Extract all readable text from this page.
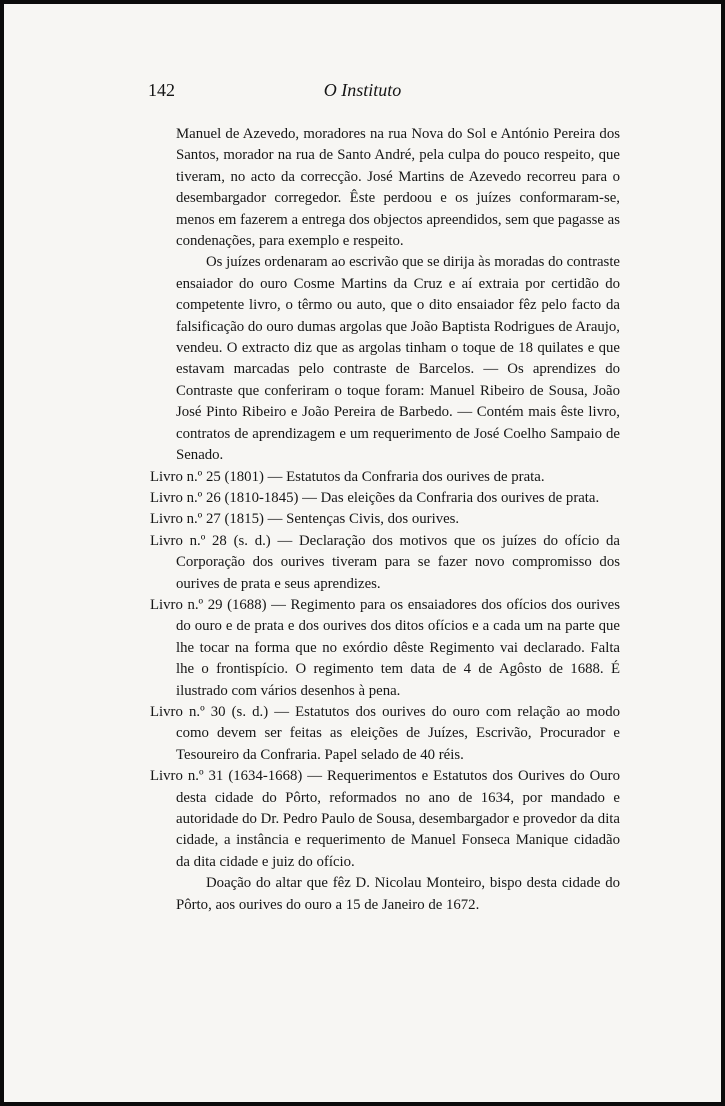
142	O Instituto

Manuel de Azevedo, moradores na rua Nova do Sol e António Pereira dos Santos, morador na rua de Santo André, pela culpa do pouco respeito, que tiveram, no acto da correcção. José Martins de Azevedo recorreu para o desembargador corregedor. Êste perdoou e os juízes conformaram-se, menos em fazerem a entrega dos objectos apreendidos, sem que pagasse as condenações, para exemplo e respeito.

Os juízes ordenaram ao escrivão que se dirija às moradas do contraste ensaiador do ouro Cosme Martins da Cruz e aí extraia por certidão do competente livro, o têrmo ou auto, que o dito ensaiador fêz pelo facto da falsificação do ouro dumas argolas que João Baptista Rodrigues de Araujo, vendeu. O extracto diz que as argolas tinham o toque de 18 quilates e que estavam marcadas pelo contraste de Barcelos. — Os aprendizes do Contraste que conferiram o toque foram: Manuel Ribeiro de Sousa, João José Pinto Ribeiro e João Pereira de Barbedo. — Contém mais êste livro, contratos de aprendizagem e um requerimento de José Coelho Sampaio de Senado.

Livro n.º 25 (1801) — Estatutos da Confraria dos ourives de prata.

Livro n.º 26 (1810-1845) — Das eleições da Confraria dos ourives de prata.

Livro n.º 27 (1815) — Sentenças Civis, dos ourives.

Livro n.º 28 (s. d.) — Declaração dos motivos que os juízes do ofício da Corporação dos ourives tiveram para se fazer novo compromisso dos ourives de prata e seus aprendizes.

Livro n.º 29 (1688) — Regimento para os ensaiadores dos ofícios dos ourives do ouro e de prata e dos ourives dos ditos ofícios e a cada um na parte que lhe tocar na forma que no exórdio dêste Regimento vai declarado. Falta lhe o frontispício. O regimento tem data de 4 de Agôsto de 1688. É ilustrado com vários desenhos à pena.

Livro n.º 30 (s. d.) — Estatutos dos ourives do ouro com relação ao modo como devem ser feitas as eleições de Juízes, Escrivão, Procurador e Tesoureiro da Confraria. Papel selado de 40 réis.

Livro n.º 31 (1634-1668) — Requerimentos e Estatutos dos Ourives do Ouro desta cidade do Pôrto, reformados no ano de 1634, por mandado e autoridade do Dr. Pedro Paulo de Sousa, desembargador e provedor da dita cidade, a instância e requerimento de Manuel Fonseca Manique cidadão da dita cidade e juiz do ofício.

Doação do altar que fêz D. Nicolau Monteiro, bispo desta cidade do Pôrto, aos ourives do ouro a 15 de Janeiro de 1672.
